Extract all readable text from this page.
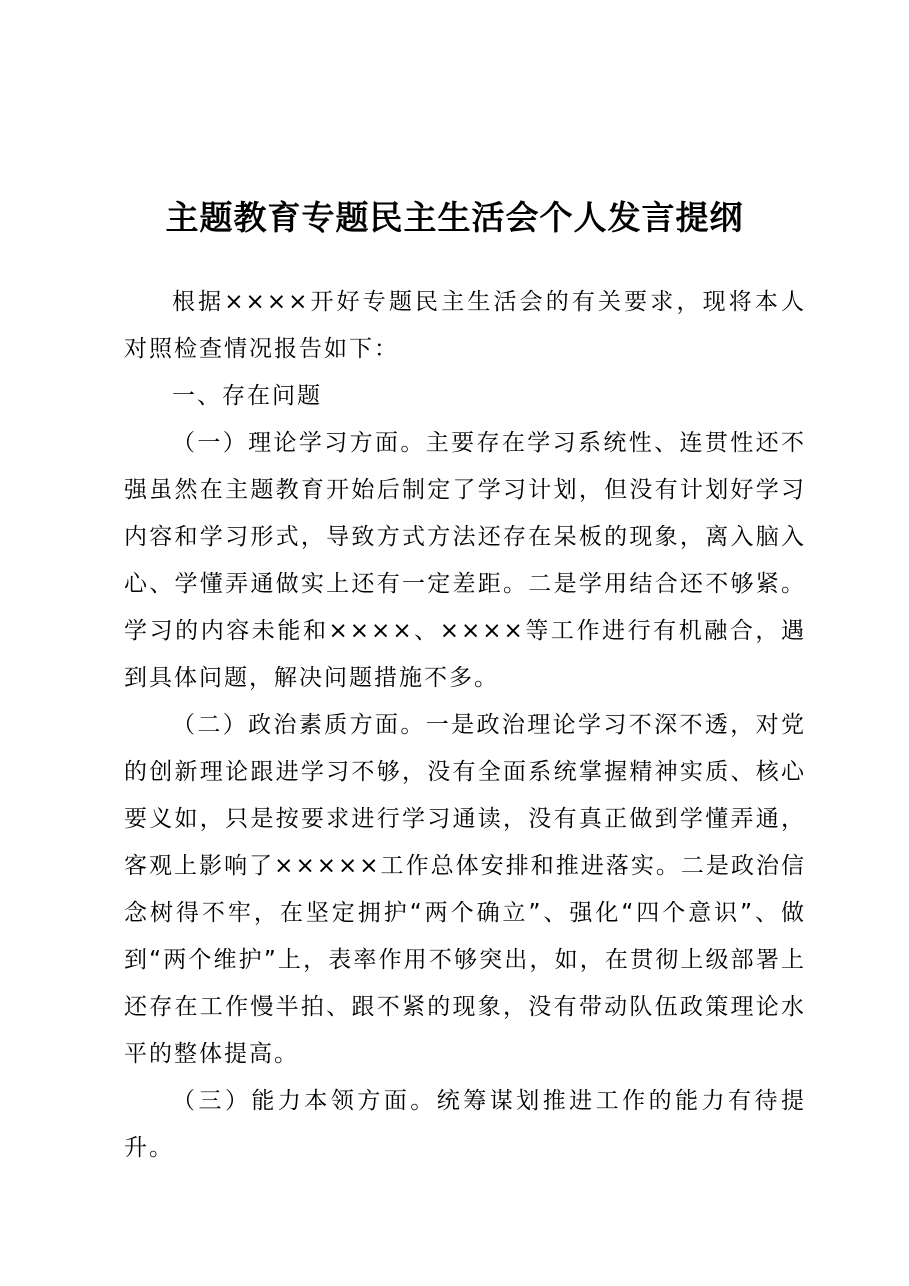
主题教育专题民主生活会个人发言提纲

根据××××开好专题民主生活会的有关要求，现将本人对照检查情况报告如下：

一、存在问题

（一）理论学习方面。主要存在学习系统性、连贯性还不强虽然在主题教育开始后制定了学习计划，但没有计划好学习内容和学习形式，导致方式方法还存在呆板的现象，离入脑入心、学懂弄通做实上还有一定差距。二是学用结合还不够紧。学习的内容未能和××××、××××等工作进行有机融合，遇到具体问题，解决问题措施不多。

（二）政治素质方面。一是政治理论学习不深不透，对党的创新理论跟进学习不够，没有全面系统掌握精神实质、核心要义如，只是按要求进行学习通读，没有真正做到学懂弄通，客观上影响了×××××工作总体安排和推进落实。二是政治信念树得不牢，在坚定拥护“两个确立”、强化“四个意识”、做到“两个维护”上，表率作用不够突出，如，在贯彻上级部署上还存在工作慢半拍、跟不紧的现象，没有带动队伍政策理论水平的整体提高。

（三）能力本领方面。统筹谋划推进工作的能力有待提升。
